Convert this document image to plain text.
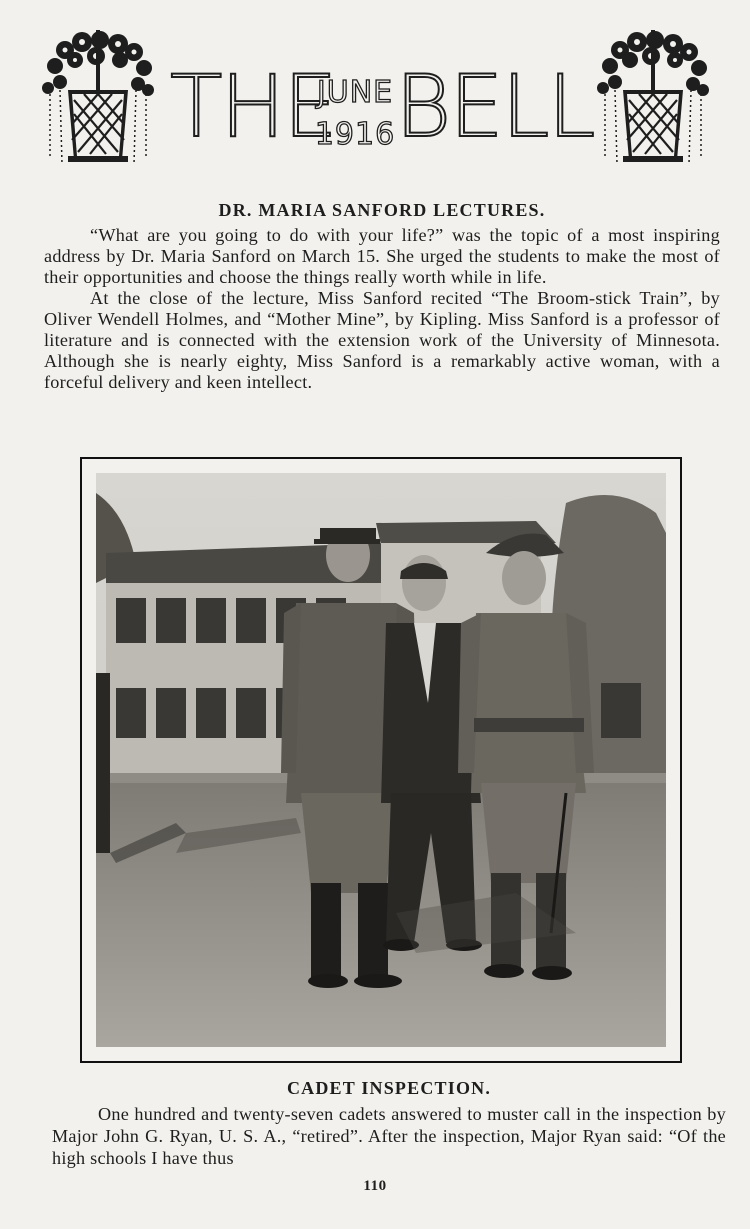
THE
JUNE
1916 BELL
DR. MARIA SANFORD LECTURES.

“What are you going to do with your life?” was the topic of a most inspiring address by Dr. Maria Sanford on March 15. She urged the students to make the most of their opportunities and choose the things really worth while in life.

At the close of the lecture, Miss Sanford recited “The Broom-stick Train”, by Oliver Wendell Holmes, and “Mother Mine”, by Kipling. Miss Sanford is a professor of literature and is connected with the extension work of the University of Minnesota. Although she is nearly eighty, Miss Sanford is a remarkably active woman, with a forceful delivery and keen intellect.

CADET INSPECTION.

One hundred and twenty-seven cadets answered to muster call in the inspection by Major John G. Ryan, U. S. A., “retired”. After the inspection, Major Ryan said: “Of the high schools I have thus

110
